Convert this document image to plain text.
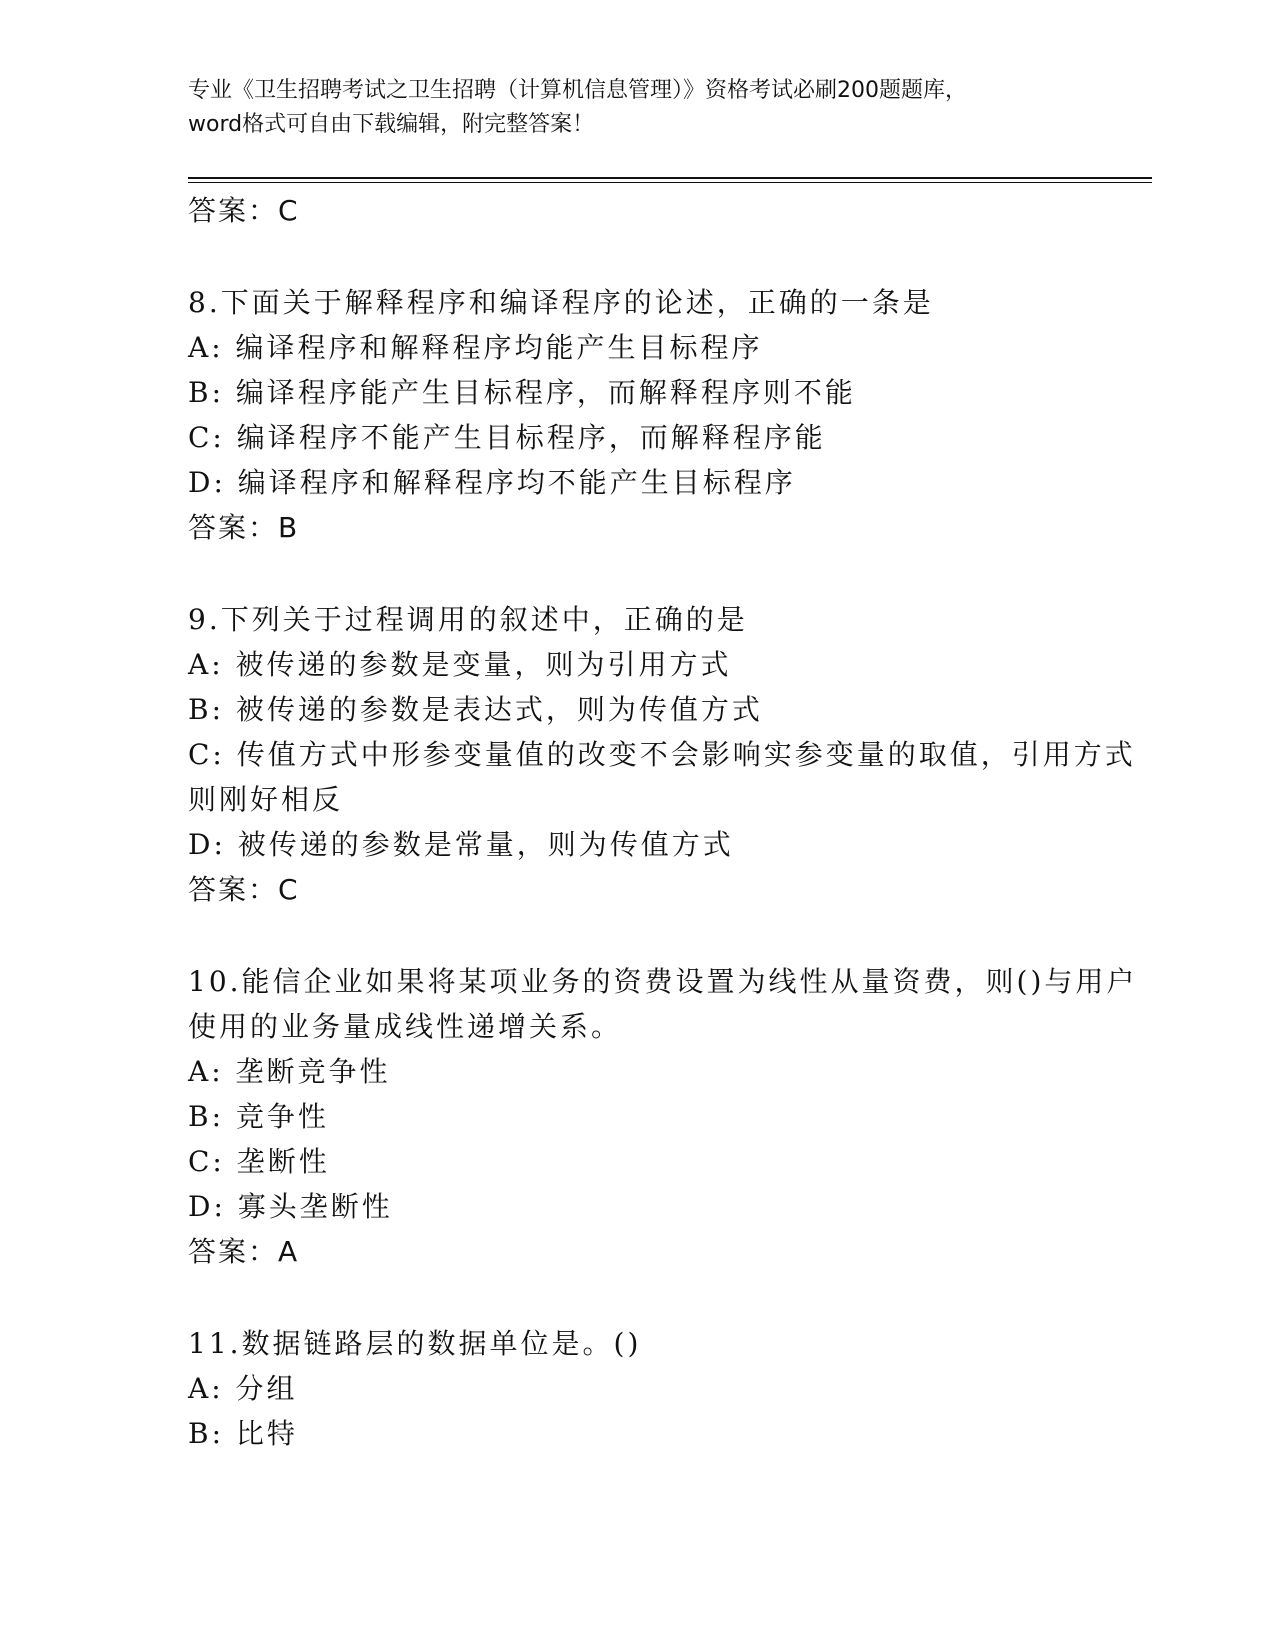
专业《卫生招聘考试之卫生招聘（计算机信息管理）》资格考试必刷200题题库，
word格式可自由下载编辑，附完整答案！
答案：C
8.下面关于解释程序和编译程序的论述，正确的一条是
A: 编译程序和解释程序均能产生目标程序
B: 编译程序能产生目标程序，而解释程序则不能
C: 编译程序不能产生目标程序，而解释程序能
D: 编译程序和解释程序均不能产生目标程序
答案：B
9.下列关于过程调用的叙述中，正确的是
A: 被传递的参数是变量，则为引用方式
B: 被传递的参数是表达式，则为传值方式
C: 传值方式中形参变量值的改变不会影响实参变量的取值，引用方式
则刚好相反
D: 被传递的参数是常量，则为传值方式
答案：C
10.能信企业如果将某项业务的资费设置为线性从量资费，则()与用户
使用的业务量成线性递增关系。
A: 垄断竞争性
B: 竞争性
C: 垄断性
D: 寡头垄断性
答案：A
11.数据链路层的数据单位是。()
A: 分组
B: 比特
